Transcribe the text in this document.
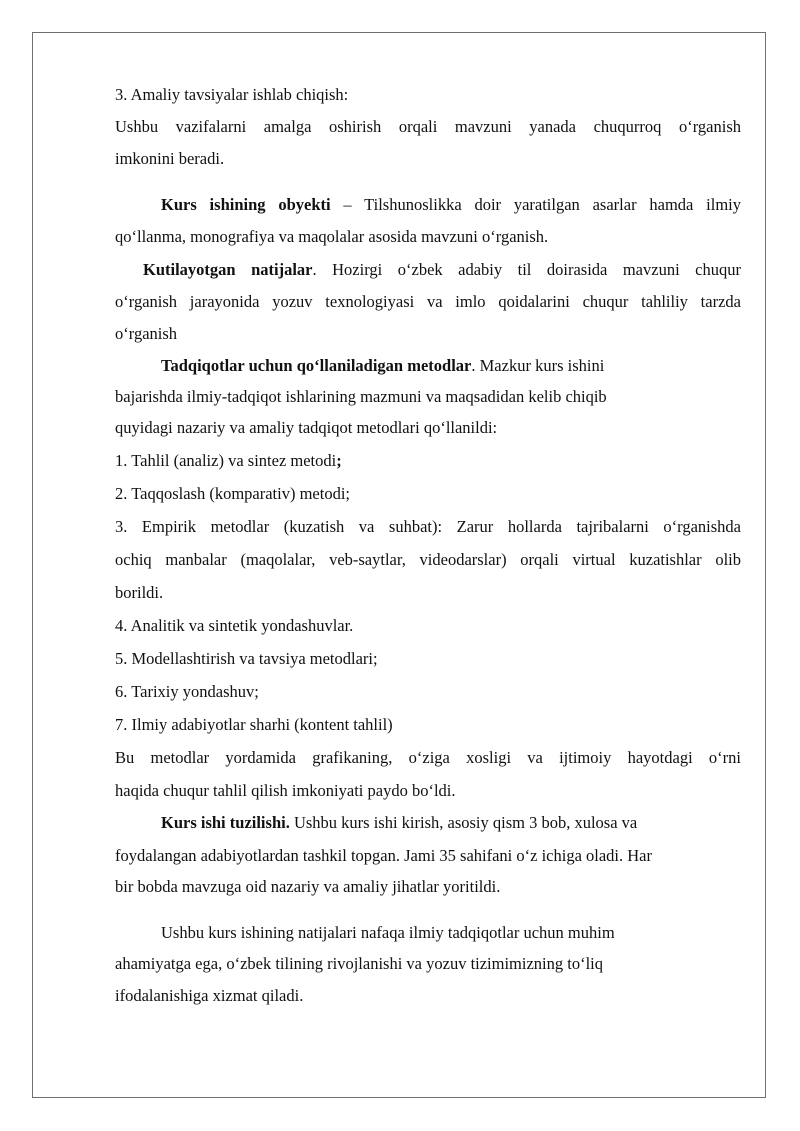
3. Amaliy tavsiyalar ishlab chiqish:
Ushbu vazifalarni amalga oshirish orqali mavzuni yanada chuqurroq o‘rganish
imkonini beradi.
Kurs ishining obyekti – Tilshunoslikka doir yaratilgan asarlar hamda ilmiy
qo‘llanma, monografiya va maqolalar asosida mavzuni o‘rganish.
Kutilayotgan natijalar. Hozirgi o‘zbek adabiy til doirasida mavzuni chuqur
o‘rganish jarayonida yozuv texnologiyasi va imlo qoidalarini chuqur tahliliy tarzda
o‘rganish
Tadqiqotlar uchun qo‘llaniladigan metodlar. Mazkur kurs ishini
bajarishda ilmiy-tadqiqot ishlarining mazmuni va maqsadidan kelib chiqib
quyidagi nazariy va amaliy tadqiqot metodlari qo‘llanildi:
1. Tahlil (analiz) va sintez metodi;
2. Taqqoslash (komparativ) metodi;
3. Empirik metodlar (kuzatish va suhbat): Zarur hollarda tajribalarni o‘rganishda
ochiq manbalar (maqolalar, veb-saytlar, videodarslar) orqali virtual kuzatishlar olib
borildi.
4. Analitik va sintetik yondashuvlar.
5. Modellashtirish va tavsiya metodlari;
6. Tarixiy yondashuv;
7. Ilmiy adabiyotlar sharhi (kontent tahlil)
Bu metodlar yordamida grafikaning, o‘ziga xosligi va ijtimoiy hayotdagi o‘rni
haqida chuqur tahlil qilish imkoniyati paydo bo‘ldi.
Kurs ishi tuzilishi. Ushbu kurs ishi kirish, asosiy qism 3 bob, xulosa va
foydalangan adabiyotlardan tashkil topgan. Jami 35 sahifani o‘z ichiga oladi. Har
bir bobda mavzuga oid nazariy va amaliy jihatlar yoritildi.
Ushbu kurs ishining natijalari nafaqa ilmiy tadqiqotlar uchun muhim
ahamiyatga ega, o‘zbek tilining rivojlanishi va yozuv tizimimizning to‘liq
ifodalanishiga xizmat qiladi.
